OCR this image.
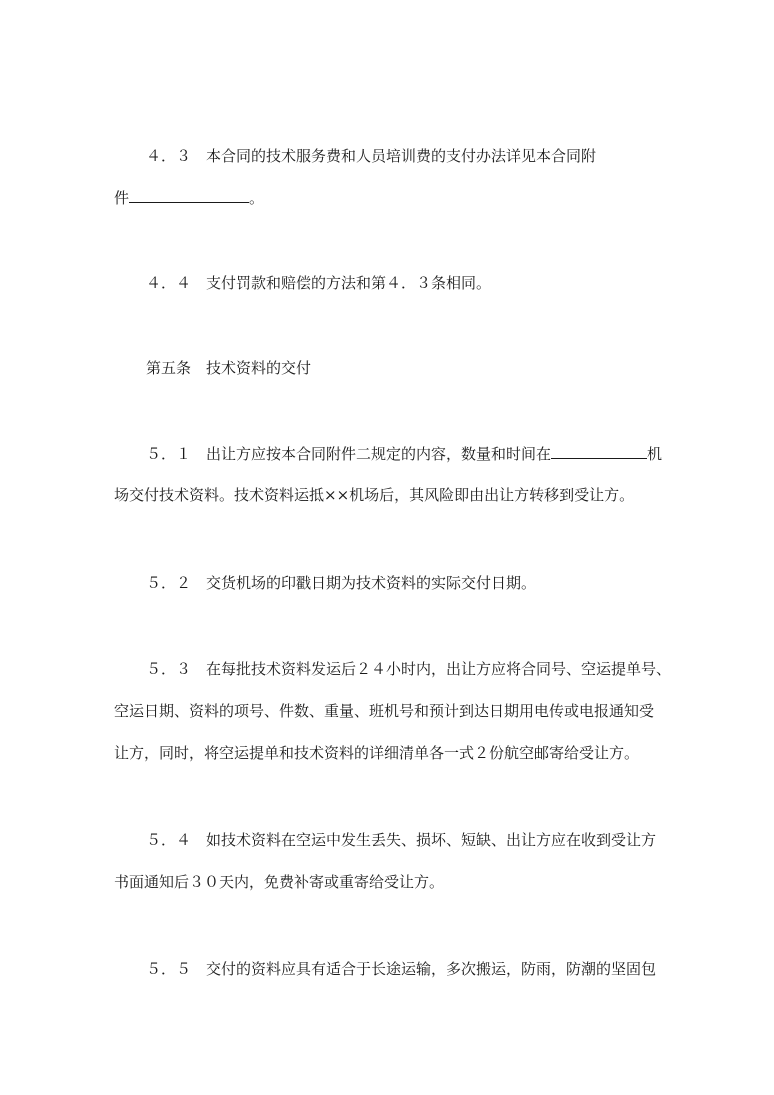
４．３　本合同的技术服务费和人员培训费的支付办法详见本合同附
件	。
４．４　支付罚款和赔偿的方法和第４．３条相同。
第五条　技术资料的交付
５．１　出让方应按本合同附件二规定的内容，数量和时间在	机
场交付技术资料。技术资料运抵××机场后，其风险即由出让方转移到受让方。
５．２　交货机场的印戳日期为技术资料的实际交付日期。
５．３　在每批技术资料发运后２４小时内，出让方应将合同号、空运提单号、
空运日期、资料的项号、件数、重量、班机号和预计到达日期用电传或电报通知受
让方，同时，将空运提单和技术资料的详细清单各一式２份航空邮寄给受让方。
５．４　如技术资料在空运中发生丢失、损坏、短缺、出让方应在收到受让方
书面通知后３０天内，免费补寄或重寄给受让方。
５．５　交付的资料应具有适合于长途运输，多次搬运，防雨，防潮的坚固包
